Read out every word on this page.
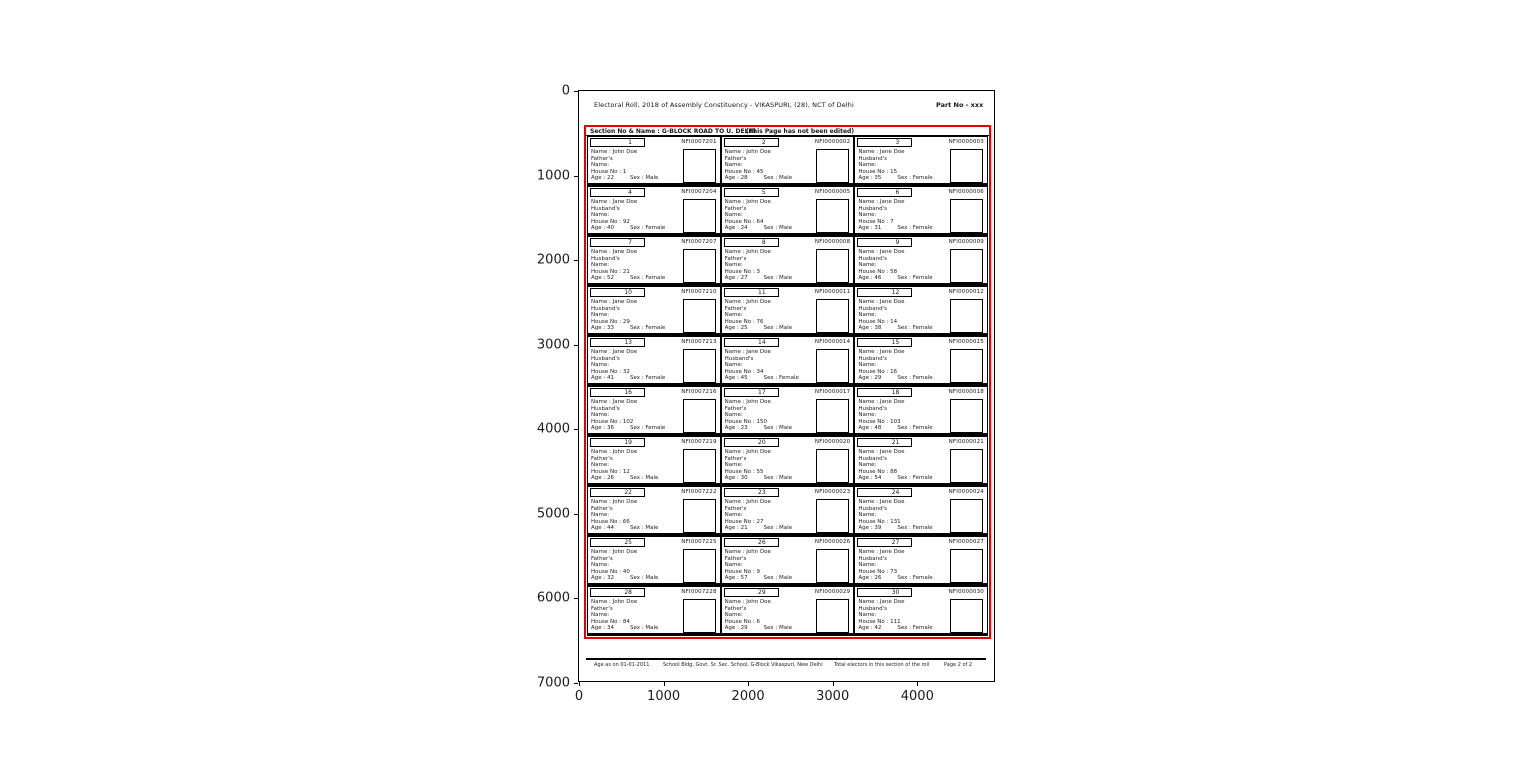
0
1000
2000
3000
4000
5000
6000
7000
0	1000	2000	3000	4000
Electoral Roll, 2018 of Assembly Constituency - VIKASPURI, (28), NCT of Delhi	Part No - xxx
Section No & Name : G-BLOCK ROAD TO U. DELHI
(This Page has not been edited)
1	NFI0007201
Name : John Doe
Father's
Name:
House No : 1
Age : 22	Sex : Male
2	NFI0000002
Name : John Doe
Father's
Name:
House No : 45
Age : 28	Sex : Male
3	NFI0000003
Name : Jane Doe
Husband's
Name:
House No : 15
Age : 35	Sex : Female
4	NFI0007204
Name : Jane Doe
Husband's
Name:
House No : 92
Age : 40	Sex : Female
5	NFI0000005
Name : John Doe
Father's
Name:
House No : 64
Age : 24	Sex : Male
6	NFI0000006
Name : Jane Doe
Husband's
Name:
House No : 7
Age : 31	Sex : Female
7	NFI0007207
Name : Jane Doe
Husband's
Name:
House No : 21
Age : 52	Sex : Female
8	NFI0000008
Name : John Doe
Father's
Name:
House No : 3
Age : 27	Sex : Male
9	NFI0000009
Name : Jane Doe
Husband's
Name:
House No : 58
Age : 46	Sex : Female
10	NFI0007210
Name : Jane Doe
Husband's
Name:
House No : 29
Age : 33	Sex : Female
11	NFI0000011
Name : John Doe
Father's
Name:
House No : 76
Age : 25	Sex : Male
12	NFI0000012
Name : Jane Doe
Husband's
Name:
House No : 14
Age : 38	Sex : Female
13	NFI0007213
Name : Jane Doe
Husband's
Name:
House No : 32
Age : 41	Sex : Female
14	NFI0000014
Name : Jane Doe
Husband's
Name:
House No : 34
Age : 45	Sex : Female
15	NFI0000015
Name : Jane Doe
Husband's
Name:
House No : 16
Age : 29	Sex : Female
16	NFI0007216
Name : Jane Doe
Husband's
Name:
House No : 102
Age : 36	Sex : Female
17	NFI0000017
Name : John Doe
Father's
Name:
House No : 150
Age : 23	Sex : Male
18	NFI0000018
Name : Jane Doe
Husband's
Name:
House No : 103
Age : 48	Sex : Female
19	NFI0007219
Name : John Doe
Father's
Name:
House No : 12
Age : 26	Sex : Male
20	NFI0000020
Name : John Doe
Father's
Name:
House No : 55
Age : 30	Sex : Male
21	NFI0000021
Name : Jane Doe
Husband's
Name:
House No : 88
Age : 54	Sex : Female
22	NFI0007222
Name : John Doe
Father's
Name:
House No : 66
Age : 44	Sex : Male
23	NFI0000023
Name : John Doe
Father's
Name:
House No : 27
Age : 21	Sex : Male
24	NFI0000024
Name : Jane Doe
Husband's
Name:
House No : 131
Age : 39	Sex : Female
25	NFI0007225
Name : John Doe
Father's
Name:
House No : 40
Age : 32	Sex : Male
26	NFI0000026
Name : John Doe
Father's
Name:
House No : 9
Age : 57	Sex : Male
27	NFI0000027
Name : Jane Doe
Husband's
Name:
House No : 73
Age : 26	Sex : Female
28	NFI0007228
Name : John Doe
Father's
Name:
House No : 84
Age : 34	Sex : Male
29	NFI0000029
Name : John Doe
Father's
Name:
House No : 6
Age : 29	Sex : Male
30	NFI0000030
Name : Jane Doe
Husband's
Name:
House No : 111
Age : 42	Sex : Female
Age as on 01-01-2011	School Bldg, Govt. Sr. Sec. School, G-Block Vikaspuri, New Delhi Total electors in this section of the roll	Page 2 of 2
